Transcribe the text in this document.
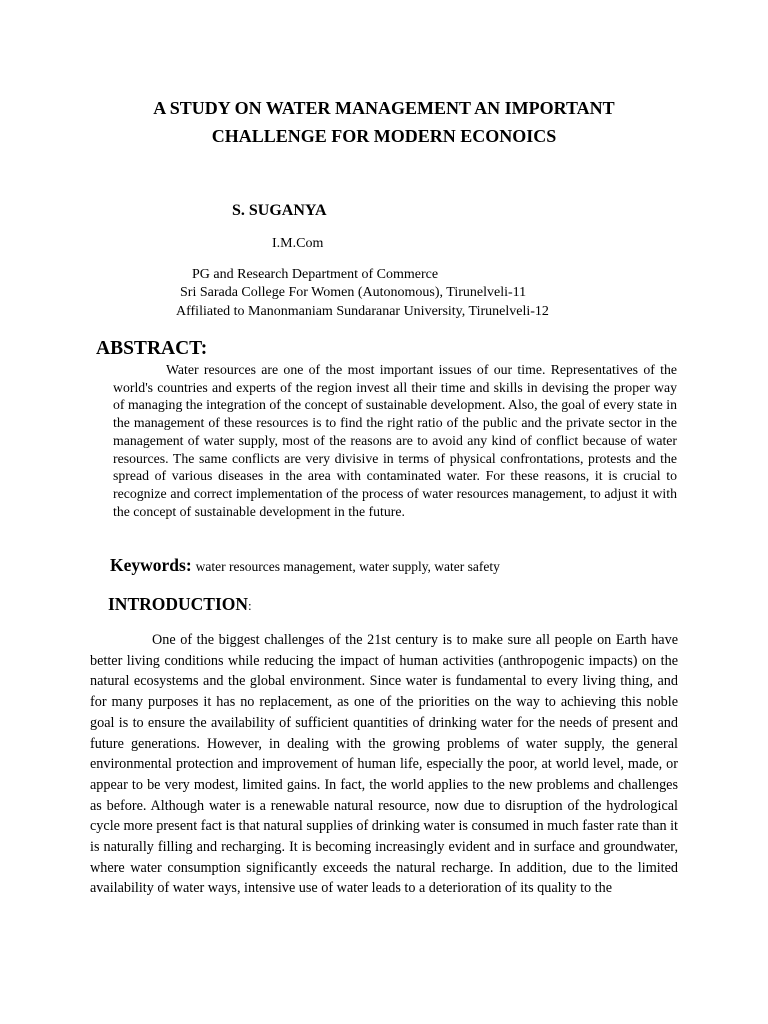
A STUDY ON WATER MANAGEMENT AN IMPORTANT
CHALLENGE FOR MODERN ECONOICS
S. SUGANYA
I.M.Com
PG and Research Department of Commerce
Sri Sarada College For Women (Autonomous), Tirunelveli-11
Affiliated to Manonmaniam Sundaranar University, Tirunelveli-12
ABSTRACT:

Water resources are one of the most important issues of our time. Representatives of the world's countries and experts of the region invest all their time and skills in devising the proper way of managing the integration of the concept of sustainable development. Also, the goal of every state in the management of these resources is to find the right ratio of the public and the private sector in the management of water supply, most of the reasons are to avoid any kind of conflict because of water resources. The same conflicts are very divisive in terms of physical confrontations, protests and the spread of various diseases in the area with contaminated water. For these reasons, it is crucial to recognize and correct implementation of the process of water resources management, to adjust it with the concept of sustainable development in the future.

Keywords: water resources management, water supply, water safety
INTRODUCTION:

One of the biggest challenges of the 21st century is to make sure all people on Earth have better living conditions while reducing the impact of human activities (anthropogenic impacts) on the natural ecosystems and the global environment. Since water is fundamental to every living thing, and for many purposes it has no replacement, as one of the priorities on the way to achieving this noble goal is to ensure the availability of sufficient quantities of drinking water for the needs of present and future generations. However, in dealing with the growing problems of water supply, the general environmental protection and improvement of human life, especially the poor, at world level, made, or appear to be very modest, limited gains. In fact, the world applies to the new problems and challenges as before. Although water is a renewable natural resource, now due to disruption of the hydrological cycle more present fact is that natural supplies of drinking water is consumed in much faster rate than it is naturally filling and recharging. It is becoming increasingly evident and in surface and groundwater, where water consumption significantly exceeds the natural recharge. In addition, due to the limited availability of water ways, intensive use of water leads to a deterioration of its quality to the
